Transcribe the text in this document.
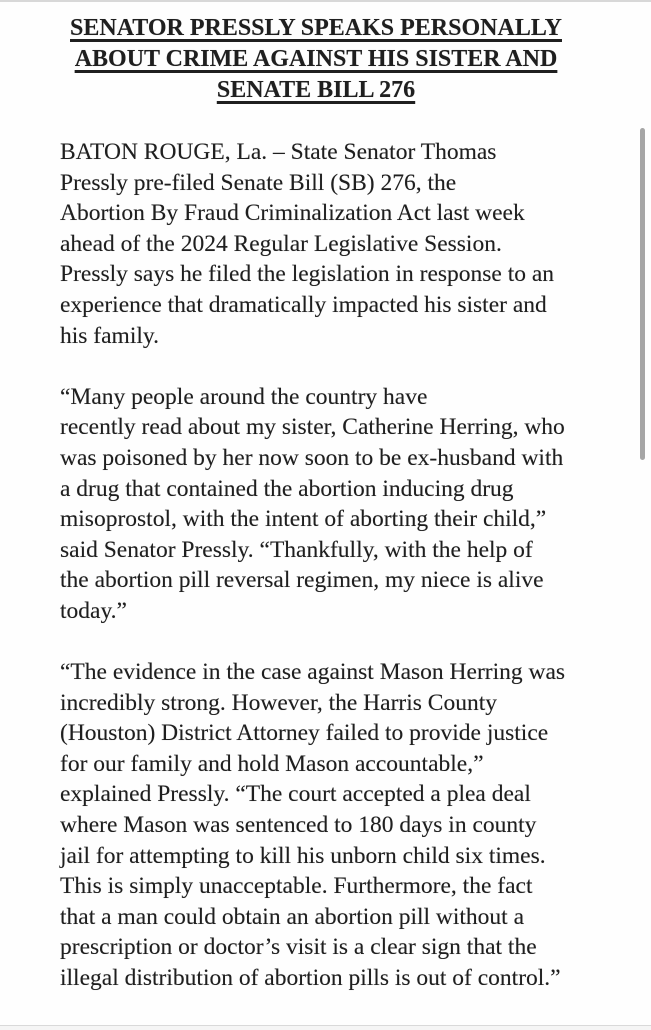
SENATOR PRESSLY SPEAKS PERSONALLY
ABOUT CRIME AGAINST HIS SISTER AND
SENATE BILL 276

BATON ROUGE, La. – State Senator Thomas
Pressly pre-filed Senate Bill (SB) 276, the
Abortion By Fraud Criminalization Act last week
ahead of the 2024 Regular Legislative Session.
Pressly says he filed the legislation in response to an
experience that dramatically impacted his sister and
his family.

“Many people around the country have
recently read about my sister, Catherine Herring, who
was poisoned by her now soon to be ex-husband with
a drug that contained the abortion inducing drug
misoprostol, with the intent of aborting their child,”
said Senator Pressly. “Thankfully, with the help of
the abortion pill reversal regimen, my niece is alive
today.”

“The evidence in the case against Mason Herring was
incredibly strong. However, the Harris County
(Houston) District Attorney failed to provide justice
for our family and hold Mason accountable,”
explained Pressly. “The court accepted a plea deal
where Mason was sentenced to 180 days in county
jail for attempting to kill his unborn child six times.
This is simply unacceptable. Furthermore, the fact
that a man could obtain an abortion pill without a
prescription or doctor’s visit is a clear sign that the
illegal distribution of abortion pills is out of control.”
